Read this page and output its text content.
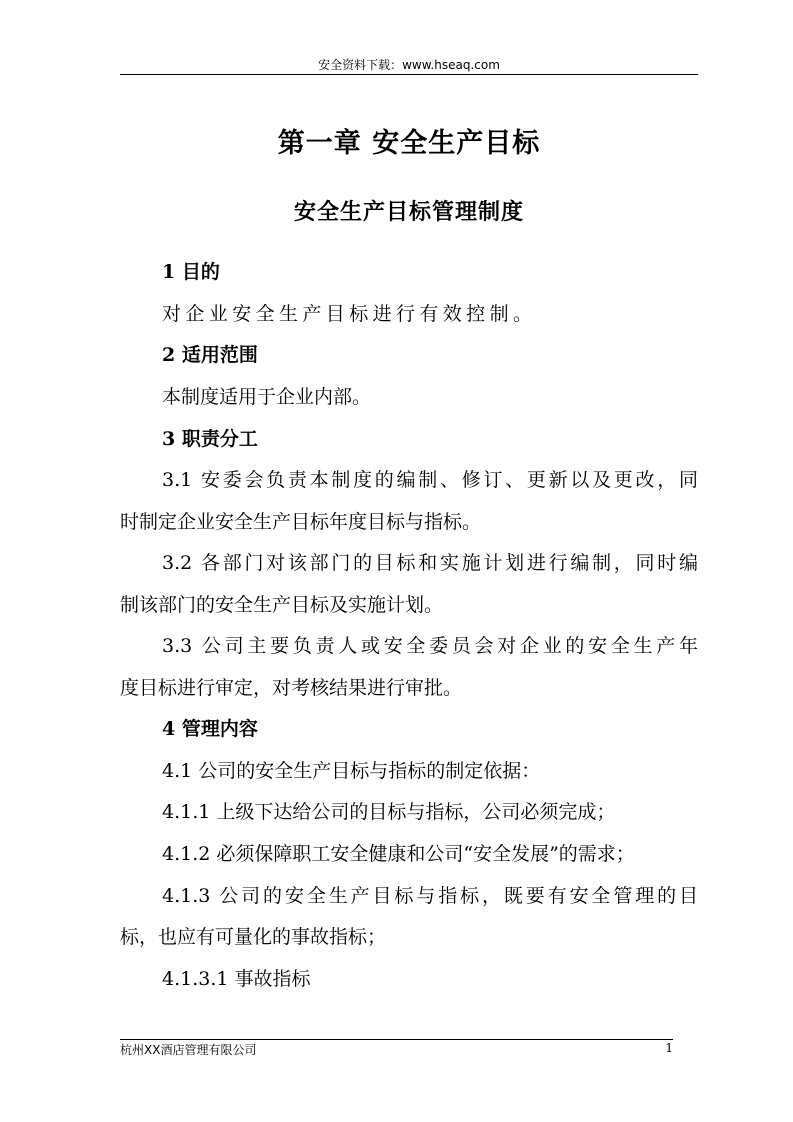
安全资料下载：www.hseaq.com
第一章 安全生产目标
安全生产目标管理制度
1 目的
对企业安全生产目标进行有效控制。
2 适用范围
本制度适用于企业内部。
3 职责分工
3.1 安委会负责本制度的编制、修订、更新以及更改，同
时制定企业安全生产目标年度目标与指标。
3.2 各部门对该部门的目标和实施计划进行编制，同时编
制该部门的安全生产目标及实施计划。
3.3 公司主要负责人或安全委员会对企业的安全生产年
度目标进行审定，对考核结果进行审批。
4 管理内容
4.1 公司的安全生产目标与指标的制定依据：
4.1.1 上级下达给公司的目标与指标，公司必须完成；
4.1.2 必须保障职工安全健康和公司“安全发展”的需求；
4.1.3 公司的安全生产目标与指标，既要有安全管理的目
标，也应有可量化的事故指标；
4.1.3.1 事故指标
杭州XX酒店管理有限公司	1
